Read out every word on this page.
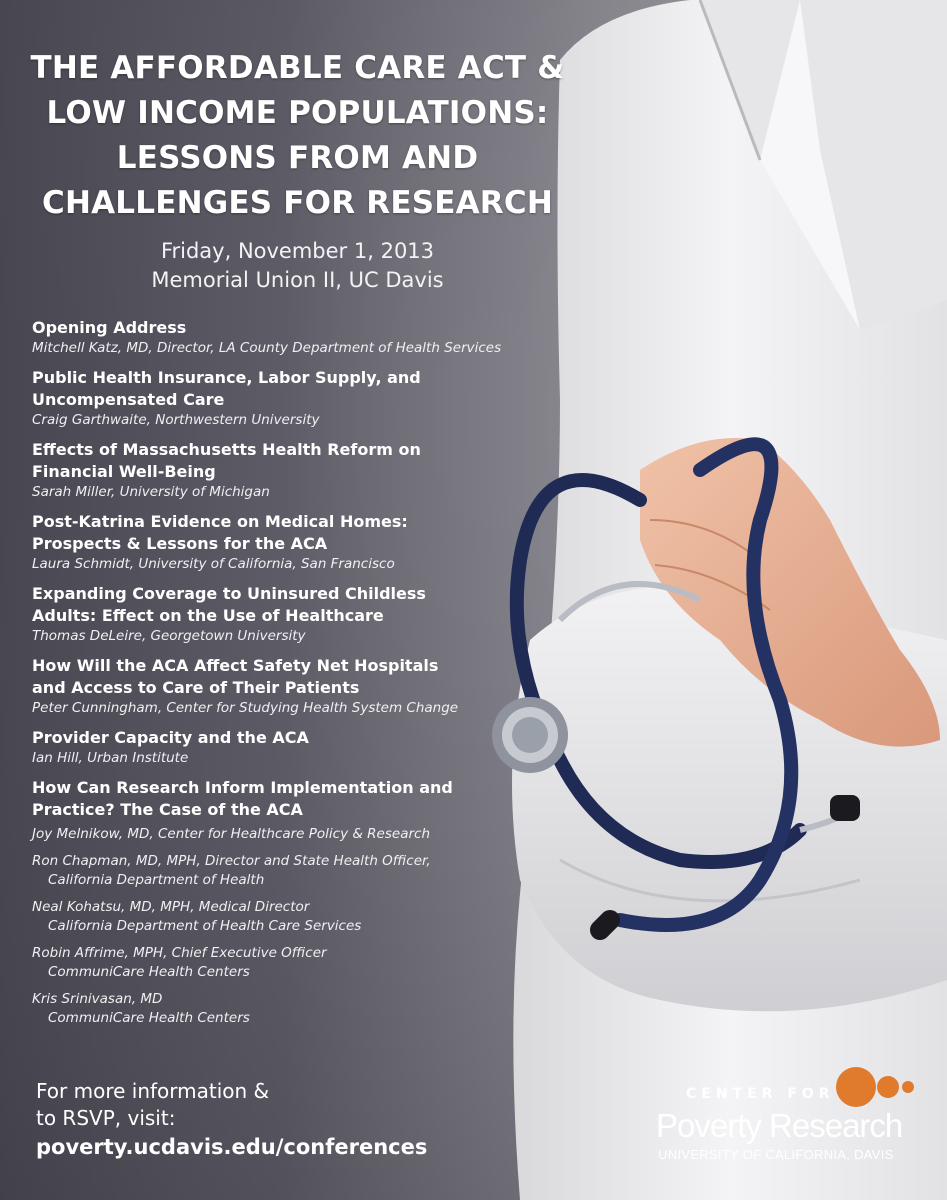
THE AFFORDABLE CARE ACT &
LOW INCOME POPULATIONS:
LESSONS FROM AND
CHALLENGES FOR RESEARCH
Friday, November 1, 2013
Memorial Union II, UC Davis
Opening Address
Mitchell Katz, MD, Director, LA County Department of Health Services
Public Health Insurance, Labor Supply, and
Uncompensated Care
Craig Garthwaite, Northwestern University
Effects of Massachusetts Health Reform on
Financial Well-Being
Sarah Miller, University of Michigan
Post-Katrina Evidence on Medical Homes:
Prospects & Lessons for the ACA
Laura Schmidt, University of California, San Francisco
Expanding Coverage to Uninsured Childless
Adults: Effect on the Use of Healthcare
Thomas DeLeire, Georgetown University
How Will the ACA Affect Safety Net Hospitals
and Access to Care of Their Patients
Peter Cunningham, Center for Studying Health System Change
Provider Capacity and the ACA
Ian Hill, Urban Institute
How Can Research Inform Implementation and
Practice? The Case of the ACA
Joy Melnikow, MD, Center for Healthcare Policy & Research
Ron Chapman, MD, MPH, Director and State Health Officer,
California Department of Health
Neal Kohatsu, MD, MPH, Medical Director
California Department of Health Care Services
Robin Affrime, MPH, Chief Executive Officer
CommuniCare Health Centers
Kris Srinivasan, MD
CommuniCare Health Centers
For more information &
to RSVP, visit:
poverty.ucdavis.edu/conferences
CENTER FOR
Poverty Research
UNIVERSITY OF CALIFORNIA, DAVIS
